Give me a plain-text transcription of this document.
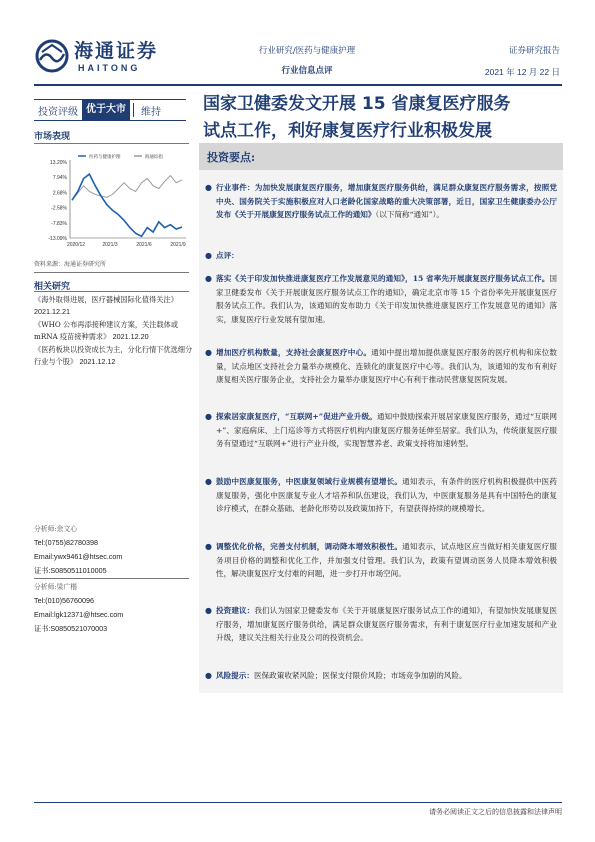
海通证券
HAITONG
行业研究/医药与健康护理
行业信息点评
证券研究报告
2021 年 12 月 22 日
投资评级 优于大市	维持 国家卫健委发文开展 15 省康复医疗服务
试点工作，利好康复医疗行业积极发展
市场表现
医药与健康护理	海通综指
13.20%
7.94%
2.68%
-2.58%
-7.83%
-13.09%
2020/12	2021/3	2021/6	2021/9
资料来源：海通证券研究所
相关研究
《海外取得进展，医疗器械国际化值得关注》 2021.12.21
《WHO 公布再添接种建议方案，关注载体或 mRNA 疫苗接种需求》 2021.12.20
《医药板块以投资成长为主，分化行情下优选细分行业与个股》 2021.12.12
分析师:余文心
Tel:(0755)82780398
Email:ywx9461@htsec.com
证书:S0850511010005
分析师:梁广楷
Tel:(010)56760096
Email:lgk12371@htsec.com
证书:S0850521070003
投资要点:
● 行业事件：为加快发展康复医疗服务，增加康复医疗服务供给，满足群众康复医疗服务需求，按照党中央、国务院关于实施积极应对人口老龄化国家战略的重大决策部署，近日，国家卫生健康委办公厅发布《关于开展康复医疗服务试点工作的通知》（以下简称“通知”）。
● 点评：
● 落实《关于印发加快推进康复医疗工作发展意见的通知》，15 省率先开展康复医疗服务试点工作。国家卫健委发布《关于开展康复医疗服务试点工作的通知》，确定北京市等 15 个省份率先开展康复医疗服务试点工作。我们认为，该通知的发布助力《关于印发加快推进康复医疗工作发展意见的通知》落实，康复医疗行业发展有望加速。
● 增加医疗机构数量，支持社会康复医疗中心。通知中提出增加提供康复医疗服务的医疗机构和床位数量，试点地区支持社会力量举办规模化、连锁化的康复医疗中心等。我们认为，该通知的发布有利好康复相关医疗服务企业，支持社会力量举办康复医疗中心有利于推动民营康复医院发展。
● 探索居家康复医疗，“互联网+”促进产业升级。通知中鼓励探索开展居家康复医疗服务，通过“互联网+”、家庭病床、上门巡诊等方式将医疗机构内康复医疗服务延伸至居家。我们认为，传统康复医疗服务有望通过“互联网+”进行产业升级，实现智慧养老、政策支持将加速转型。
● 鼓励中医康复服务，中医康复领域行业规模有望增长。通知表示，有条件的医疗机构积极提供中医药康复服务，强化中医康复专业人才培养和队伍建设，我们认为，中医康复服务是具有中国特色的康复诊疗模式，在群众基础、老龄化形势以及政策加持下，有望获得持续的规模增长。
● 调整优化价格，完善支付机制，调动降本增效积极性。通知表示，试点地区应当做好相关康复医疗服务项目价格的调整和优化工作，并加强支付管理。我们认为，政策有望调动医务人员降本增效积极性，解决康复医疗支付难的问题，进一步打开市场空间。
● 投资建议：我们认为国家卫健委发布《关于开展康复医疗服务试点工作的通知》，有望加快发展康复医疗服务，增加康复医疗服务供给，满足群众康复医疗服务需求，有利于康复医疗行业加速发展和产业升级，建议关注相关行业及公司的投资机会。
● 风险提示：医保政策收紧风险；医保支付限价风险；市场竞争加剧的风险。
请务必阅读正文之后的信息披露和法律声明
